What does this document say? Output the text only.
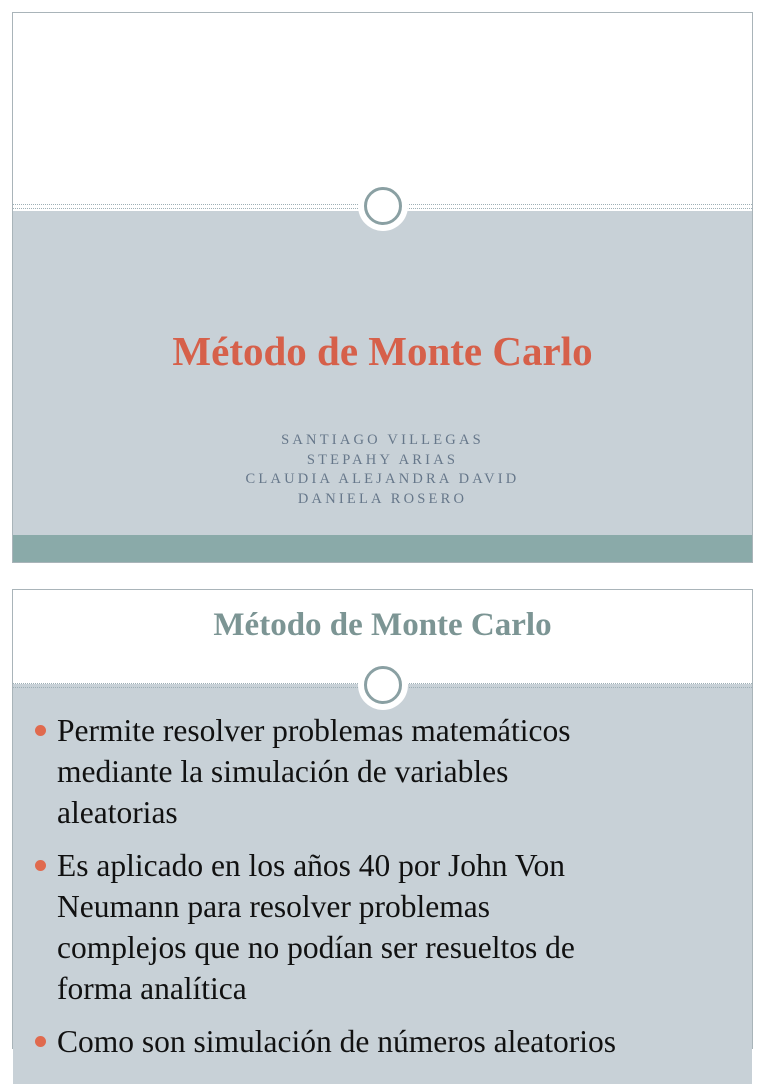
Método de Monte Carlo
SANTIAGO VILLEGAS
STEPAHY ARIAS
CLAUDIA ALEJANDRA DAVID
DANIELA ROSERO
Método de Monte Carlo
Permite resolver problemas matemáticos
mediante la simulación de variables
aleatorias
Es aplicado en los años 40 por John Von
Neumann para resolver problemas
complejos que no podían ser resueltos de
forma analítica
Como son simulación de números aleatorios
